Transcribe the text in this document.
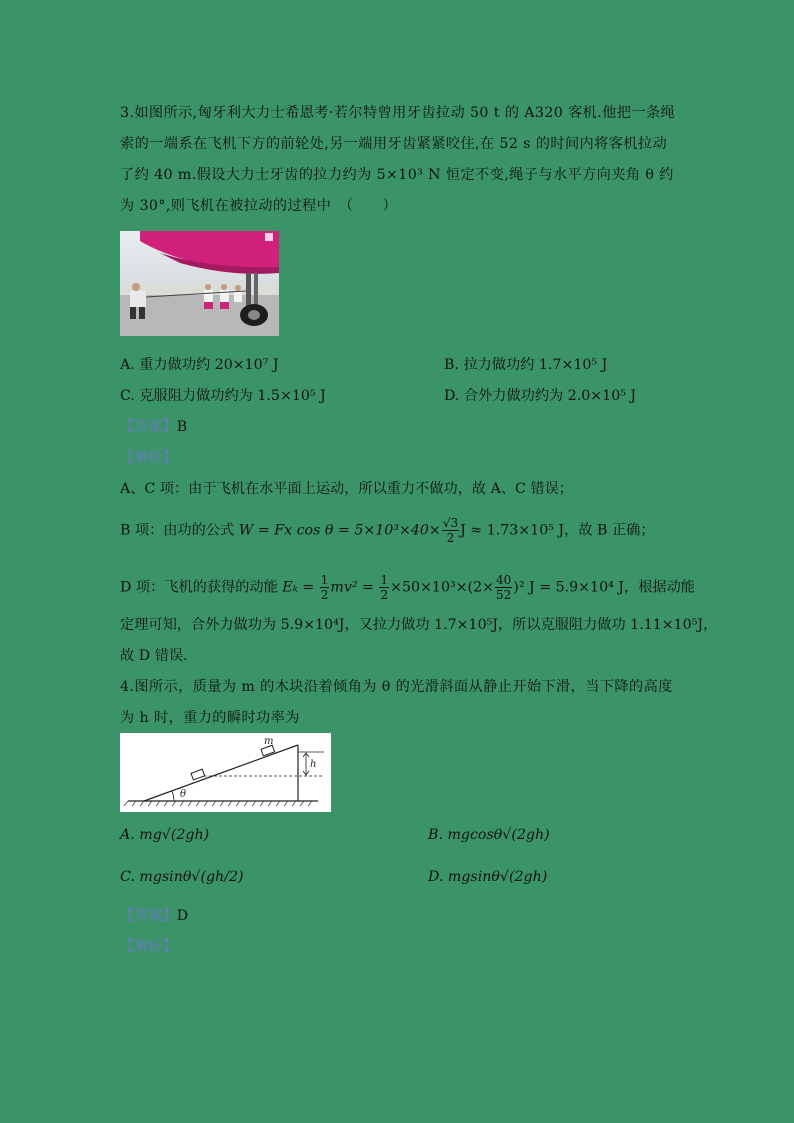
3.如图所示,匈牙利大力士希恩考·若尔特曾用牙齿拉动 50 t 的 A320 客机.他把一条绳索的一端系在飞机下方的前轮处,另一端用牙齿紧紧咬住,在 52 s 的时间内将客机拉动了约 40 m.假设大力士牙齿的拉力约为 5×10³ N 恒定不变,绳子与水平方向夹角 θ 约为 30°,则飞机在被拉动的过程中　（　　）
A. 重力做功约 20×10⁷ J	B. 拉力做功约 1.7×10⁵ J
C. 克服阻力做功约为 1.5×10⁵ J	D. 合外力做功约为 2.0×10⁵ J
【答案】B
【解析】
A、C 项：由于飞机在水平面上运动，所以重力不做功，故 A、C 错误；
B 项：由功的公式 W = Fx $\cos \theta = 5\times 10^3\times 40\times \frac{√3}{2}$ J ≈ 1.73×10⁵ J，故 B 正确；
D 项：飞机的获得的动能 $E_k = \frac{1}{2} mv^2 = \frac{1}{2} \times 50\times 10^3\times(2\times \frac{40}{52} )^2$ J = 5.9×10⁴ J，根据动能
定理可知，合外力做功为 5.9×10⁴J，又拉力做功 1.7×10⁵J，所以克服阻力做功 1.11×10⁵J，
故 D 错误.
4.图所示，质量为 m 的木块沿着倾角为 θ 的光滑斜面从静止开始下滑，当下降的高度为 h 时，重力的瞬时功率为
θ
m
h
A. mg√(2gh)	B. mgcosθ√(2gh)
C. mgsinθ√(gh/2)	D. mgsinθ√(2gh)
【答案】D
【解析】
